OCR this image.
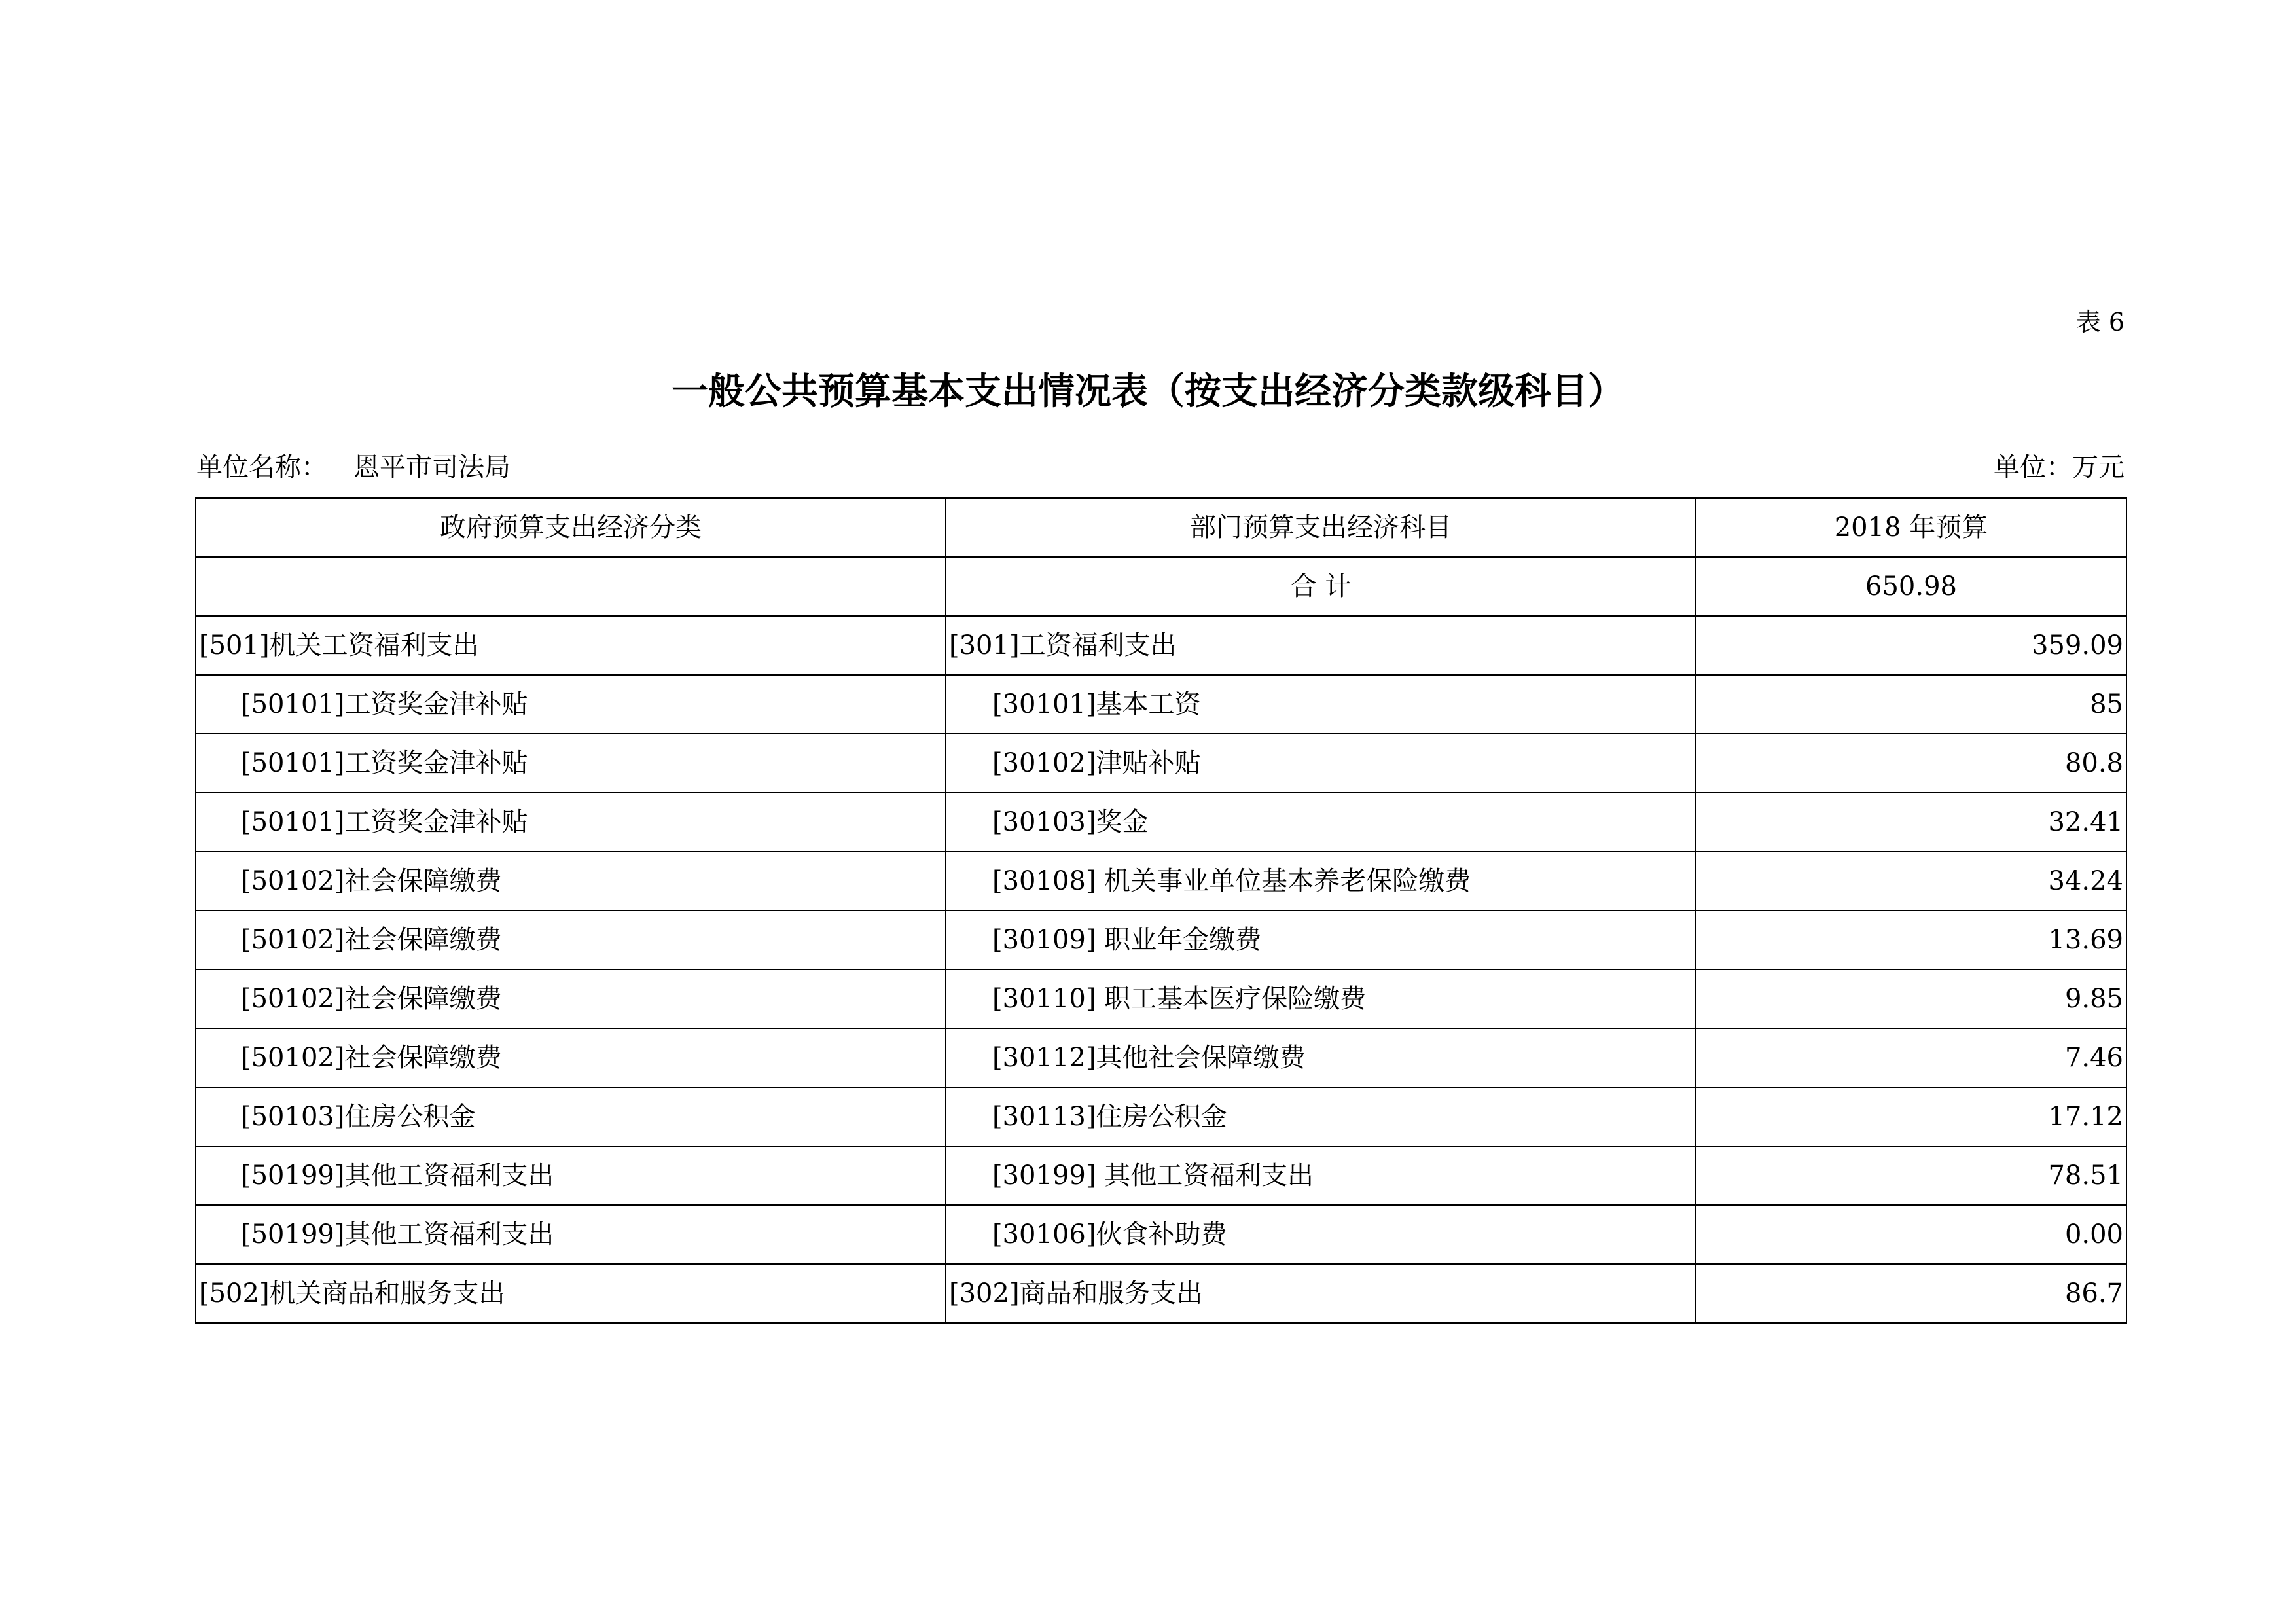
表 6
一般公共预算基本支出情况表（按支出经济分类款级科目）
单位名称： 恩平市司法局	单位：万元
政府预算支出经济分类	部门预算支出经济科目	2018 年预算
	合 计	650.98
[501]机关工资福利支出	[301]工资福利支出	359.09
[50101]工资奖金津补贴	[30101]基本工资	85
[50101]工资奖金津补贴	[30102]津贴补贴	80.8
[50101]工资奖金津补贴	[30103]奖金	32.41
[50102]社会保障缴费	[30108] 机关事业单位基本养老保险缴费	34.24
[50102]社会保障缴费	[30109] 职业年金缴费	13.69
[50102]社会保障缴费	[30110] 职工基本医疗保险缴费	9.85
[50102]社会保障缴费	[30112]其他社会保障缴费	7.46
[50103]住房公积金	[30113]住房公积金	17.12
[50199]其他工资福利支出	[30199] 其他工资福利支出	78.51
[50199]其他工资福利支出	[30106]伙食补助费	0.00
[502]机关商品和服务支出	[302]商品和服务支出	86.7
